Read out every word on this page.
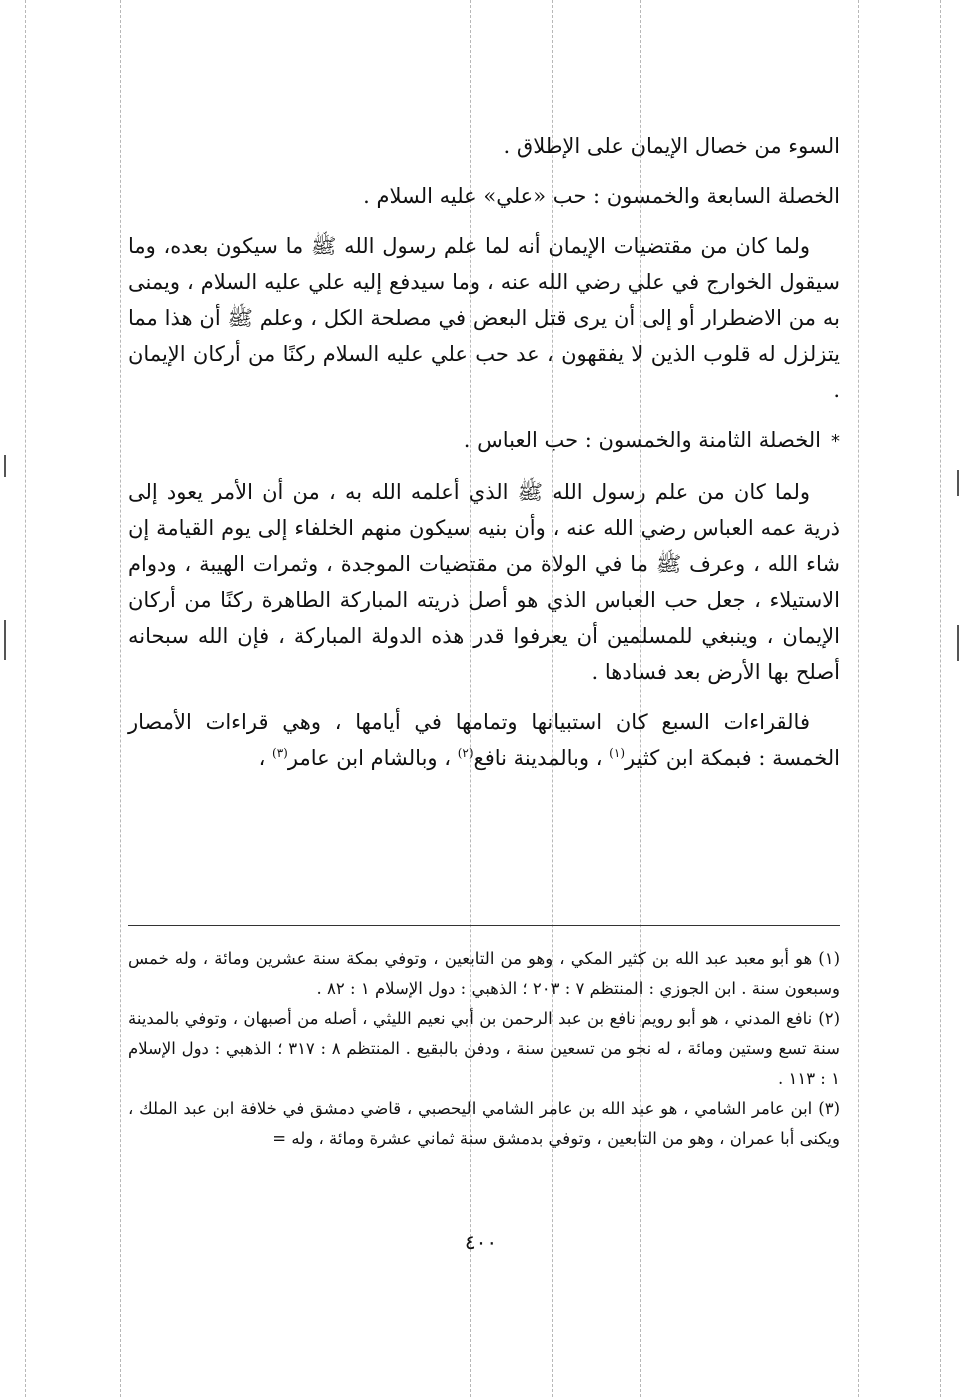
السوء من خصال الإيمان على الإطلاق .

الخصلة السابعة والخمسون : حب «علي» عليه السلام .

ولما كان من مقتضيات الإيمان أنه لما علم رسول الله ﷺ ما سيكون بعده، وما سيقول الخوارج في علي رضي الله عنه ، وما سيدفع إليه علي عليه السلام ، ويمنى به من الاضطرار أو إلى أن يرى قتل البعض في مصلحة الكل ، وعلم ﷺ أن هذا مما يتزلزل له قلوب الذين لا يفقهون ، عد حب علي عليه السلام ركنًا من أركان الإيمان .

*الخصلة الثامنة والخمسون : حب العباس .

ولما كان من علم رسول الله ﷺ الذي أعلمه الله به ، من أن الأمر يعود إلى ذرية عمه العباس رضي الله عنه ، وأن بنيه سيكون منهم الخلفاء إلى يوم القيامة إن شاء الله ، وعرف ﷺ ما في الولاة من مقتضيات الموجدة ، وثمرات الهيبة ، ودوام الاستيلاء ، جعل حب العباس الذي هو أصل ذريته المباركة الطاهرة ركنًا من أركان الإيمان ، وينبغي للمسلمين أن يعرفوا قدر هذه الدولة المباركة ، فإن الله سبحانه أصلح بها الأرض بعد فسادها .

فالقراءات السبع كان استبيانها وتمامها في أيامها ، وهي قراءات الأمصار الخمسة : فبمكة ابن كثير$^{(١)}$ ، وبالمدينة نافع$^{(٢)}$ ، وبالشام ابن عامر$^{(٣)}$ ،

(١)هو أبو معبد عبد الله بن كثير المكي ، وهو من التابعين ، وتوفي بمكة سنة عشرين ومائة ، وله خمس وسبعون سنة . ابن الجوزي : المنتظم ٧ : ٢٠٣ ؛ الذهبي : دول الإسلام ١ : ٨٢ .

(٢)نافع المدني ، هو أبو رويم نافع بن عبد الرحمن بن أبي نعيم الليثي ، أصله من أصبهان ، وتوفي بالمدينة سنة تسع وستين ومائة ، له نحو من تسعين سنة ، ودفن بالبقيع . المنتظم ٨ : ٣١٧ ؛ الذهبي : دول الإسلام ١ : ١١٣ .

(٣)ابن عامر الشامي ، هو عبد الله بن عامر الشامي اليحصبي ، قاضي دمشق في خلافة ابن عبد الملك ، ويكنى أبا عمران ، وهو من التابعين ، وتوفي بدمشق سنة ثماني عشرة ومائة ، وله =

٤٠٠
